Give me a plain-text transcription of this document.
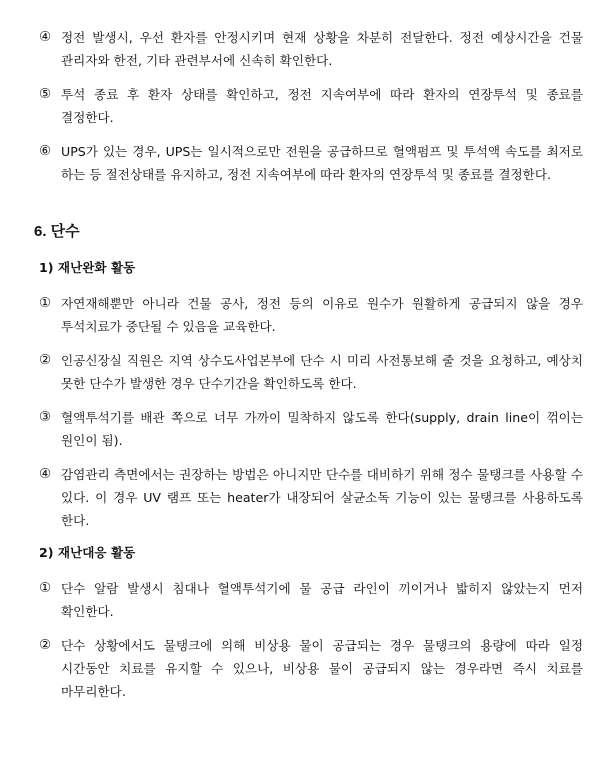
④ 정전 발생시, 우선 환자를 안정시키며 현재 상황을 차분히 전달한다. 정전 예상시간을 건물 관리자와 한전, 기타 관련부서에 신속히 확인한다.
⑤ 투석 종료 후 환자 상태를 확인하고, 정전 지속여부에 따라 환자의 연장투석 및 종료를 결정한다.
⑥ UPS가 있는 경우, UPS는 일시적으로만 전원을 공급하므로 혈액펌프 및 투석액 속도를 최저로 하는 등 절전상태를 유지하고, 정전 지속여부에 따라 환자의 연장투석 및 종료를 결정한다.
6. 단수
1) 재난완화 활동
① 자연재해뿐만 아니라 건물 공사, 정전 등의 이유로 원수가 원활하게 공급되지 않을 경우 투석치료가 중단될 수 있음을 교육한다.
② 인공신장실 직원은 지역 상수도사업본부에 단수 시 미리 사전통보해 줄 것을 요청하고, 예상치 못한 단수가 발생한 경우 단수기간을 확인하도록 한다.
③ 혈액투석기를 배관 쪽으로 너무 가까이 밀착하지 않도록 한다(supply, drain line이 꺾이는 원인이 됨).
④ 감염관리 측면에서는 권장하는 방법은 아니지만 단수를 대비하기 위해 정수 물탱크를 사용할 수 있다. 이 경우 UV 램프 또는 heater가 내장되어 살균소독 기능이 있는 물탱크를 사용하도록 한다.
2) 재난대응 활동
① 단수 알람 발생시 침대나 혈액투석기에 물 공급 라인이 끼이거나 밟히지 않았는지 먼저 확인한다.
② 단수 상황에서도 물탱크에 의해 비상용 물이 공급되는 경우 물탱크의 용량에 따라 일정 시간동안 치료를 유지할 수 있으나, 비상용 물이 공급되지 않는 경우라면 즉시 치료를 마무리한다.
